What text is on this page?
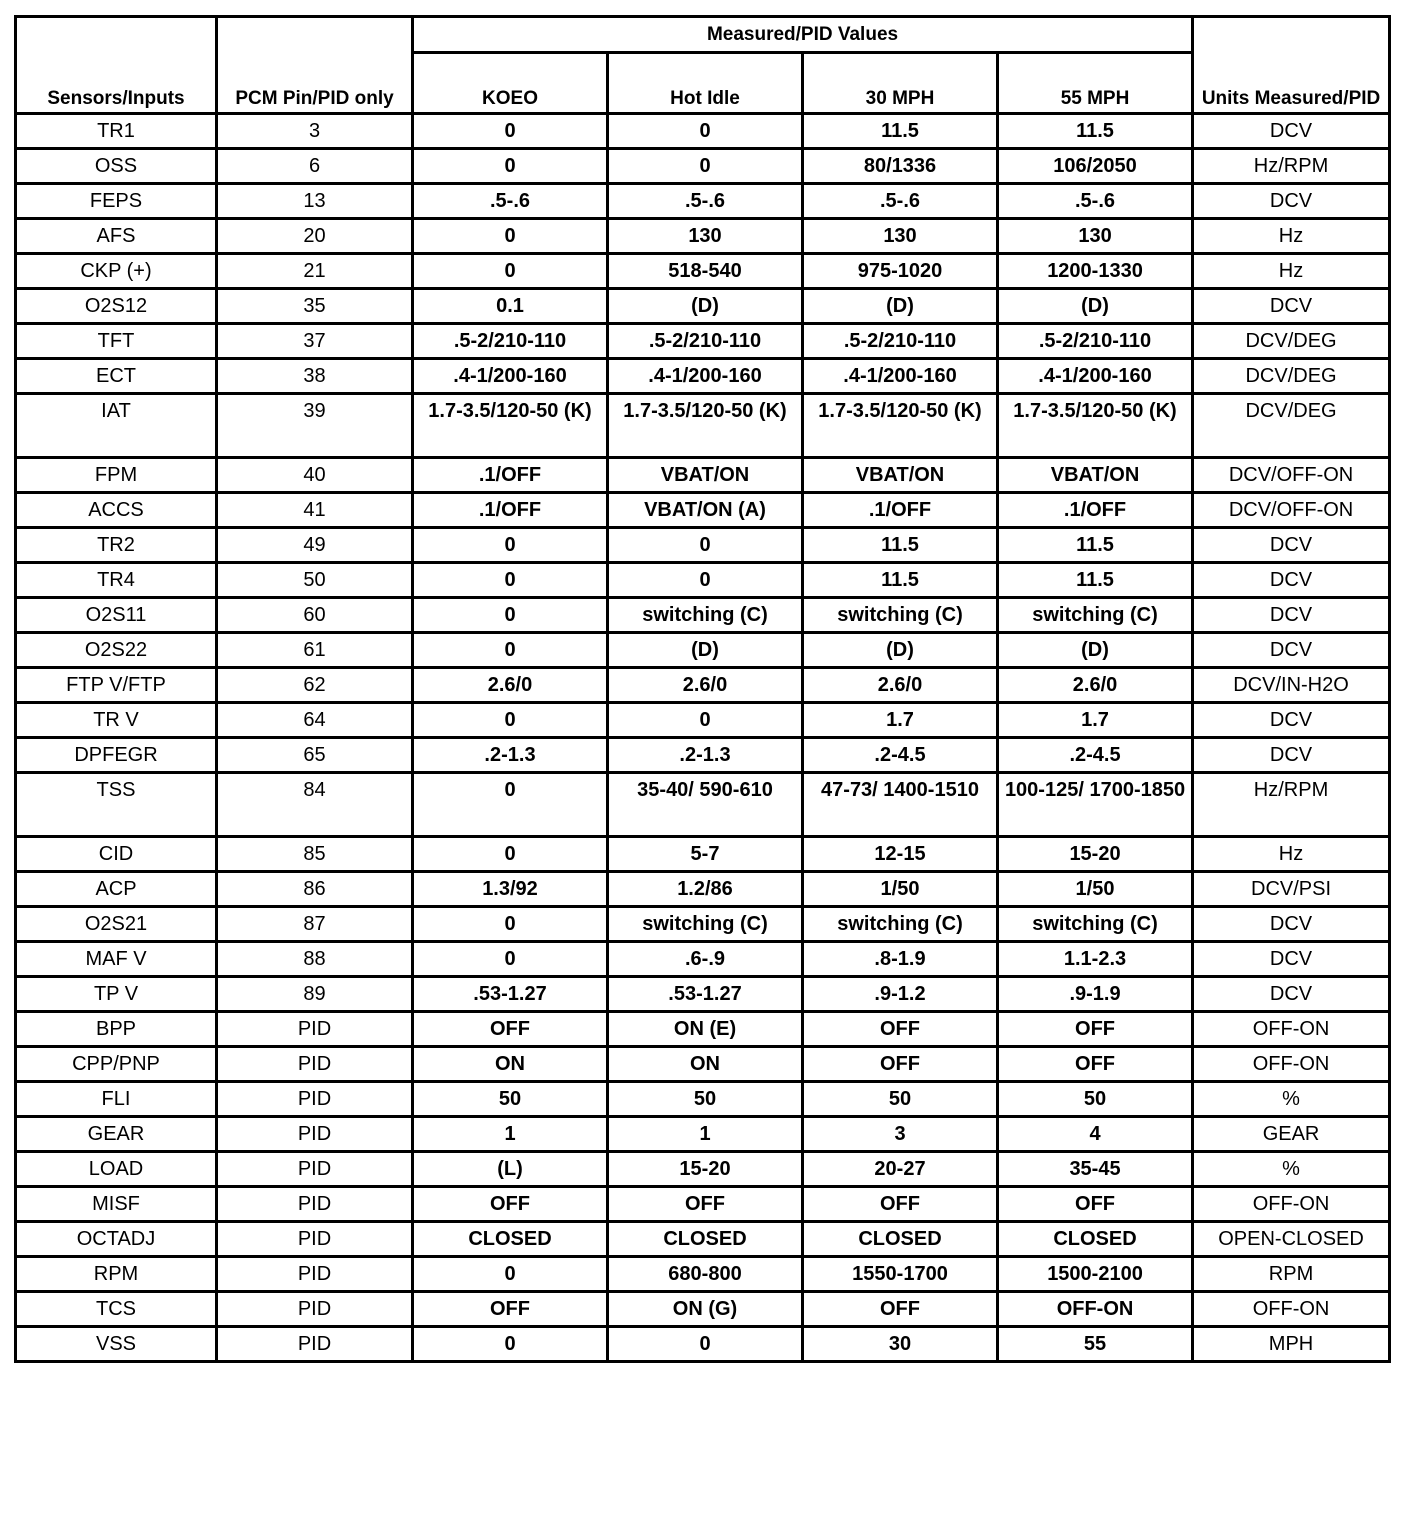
Sensors/Inputs	PCM Pin/PID only	Measured/PID Values				Units Measured/PID
		KOEO	Hot Idle	30 MPH	55 MPH	
TR1	3	0	0	11.5	11.5	DCV
OSS	6	0	0	80/1336	106/2050	Hz/RPM
FEPS	13	.5-.6	.5-.6	.5-.6	.5-.6	DCV
AFS	20	0	130	130	130	Hz
CKP (+)	21	0	518-540	975-1020	1200-1330	Hz
O2S12	35	0.1	(D)	(D)	(D)	DCV
TFT	37	.5-2/210-110	.5-2/210-110	.5-2/210-110	.5-2/210-110	DCV/DEG
ECT	38	.4-1/200-160	.4-1/200-160	.4-1/200-160	.4-1/200-160	DCV/DEG
IAT	39	1.7-3.5/120-50 (K)	1.7-3.5/120-50 (K)	1.7-3.5/120-50 (K)	1.7-3.5/120-50 (K)	DCV/DEG
FPM	40	.1/OFF	VBAT/ON	VBAT/ON	VBAT/ON	DCV/OFF-ON
ACCS	41	.1/OFF	VBAT/ON (A)	.1/OFF	.1/OFF	DCV/OFF-ON
TR2	49	0	0	11.5	11.5	DCV
TR4	50	0	0	11.5	11.5	DCV
O2S11	60	0	switching (C)	switching (C)	switching (C)	DCV
O2S22	61	0	(D)	(D)	(D)	DCV
FTP V/FTP	62	2.6/0	2.6/0	2.6/0	2.6/0	DCV/IN-H2O
TR V	64	0	0	1.7	1.7	DCV
DPFEGR	65	.2-1.3	.2-1.3	.2-4.5	.2-4.5	DCV
TSS	84	0	35-40/ 590-610	47-73/ 1400-1510	100-125/ 1700-1850	Hz/RPM
CID	85	0	5-7	12-15	15-20	Hz
ACP	86	1.3/92	1.2/86	1/50	1/50	DCV/PSI
O2S21	87	0	switching (C)	switching (C)	switching (C)	DCV
MAF V	88	0	.6-.9	.8-1.9	1.1-2.3	DCV
TP V	89	.53-1.27	.53-1.27	.9-1.2	.9-1.9	DCV
BPP	PID	OFF	ON (E)	OFF	OFF	OFF-ON
CPP/PNP	PID	ON	ON	OFF	OFF	OFF-ON
FLI	PID	50	50	50	50	%
GEAR	PID	1	1	3	4	GEAR
LOAD	PID	(L)	15-20	20-27	35-45	%
MISF	PID	OFF	OFF	OFF	OFF	OFF-ON
OCTADJ	PID	CLOSED	CLOSED	CLOSED	CLOSED	OPEN-CLOSED
RPM	PID	0	680-800	1550-1700	1500-2100	RPM
TCS	PID	OFF	ON (G)	OFF	OFF-ON	OFF-ON
VSS	PID	0	0	30	55	MPH
